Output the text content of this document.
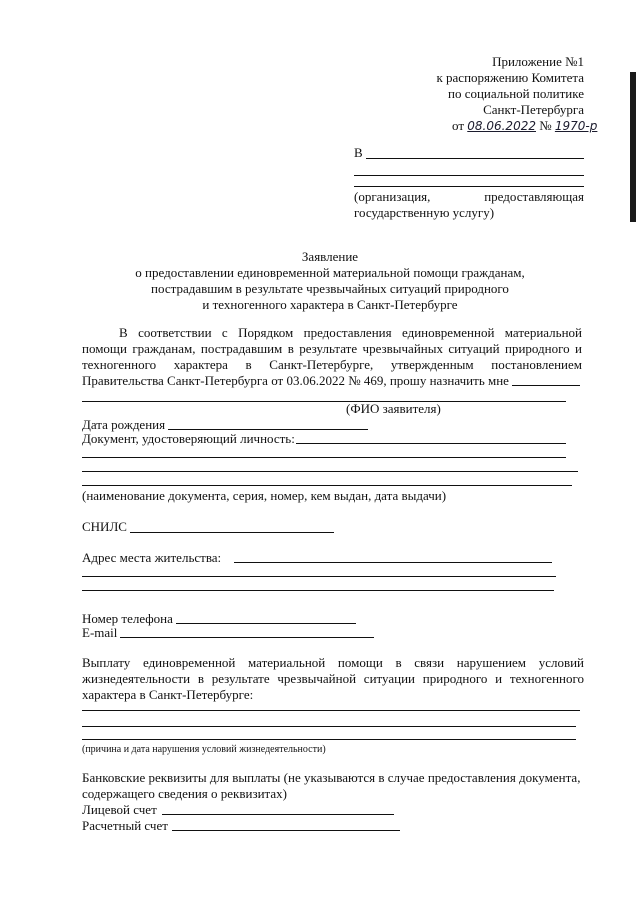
Приложение №1
к распоряжению Комитета
по социальной политике
Санкт-Петербурга
от 08.06.2022 № 1970-р
В
(организация,	предоставляющая
государственную услугу)
Заявление
о предоставлении единовременной материальной помощи гражданам,
пострадавшим в результате чрезвычайных ситуаций природного
и техногенного характера в Санкт-Петербурге
В соответствии с Порядком предоставления единовременной материальной помощи гражданам, пострадавшим в результате чрезвычайных ситуаций природного и техногенного характера в Санкт-Петербурге, утвержденным постановлением
Правительства Санкт-Петербурга от 03.06.2022 № 469, прошу назначить мне
(ФИО заявителя)
Дата рождения
Документ, удостоверяющий личность:
(наименование документа, серия, номер, кем выдан, дата выдачи)
СНИЛС
Адрес места жительства:
Номер телефона
E-mail
Выплату единовременной материальной помощи в связи нарушением условий
жизнедеятельности в результате чрезвычайной ситуации природного и техногенного
характера в Санкт-Петербурге:
(причина и дата нарушения условий жизнедеятельности)
Банковские реквизиты для выплаты (не указываются в случае предоставления документа,
содержащего сведения о реквизитах)
Лицевой счет
Расчетный счет
